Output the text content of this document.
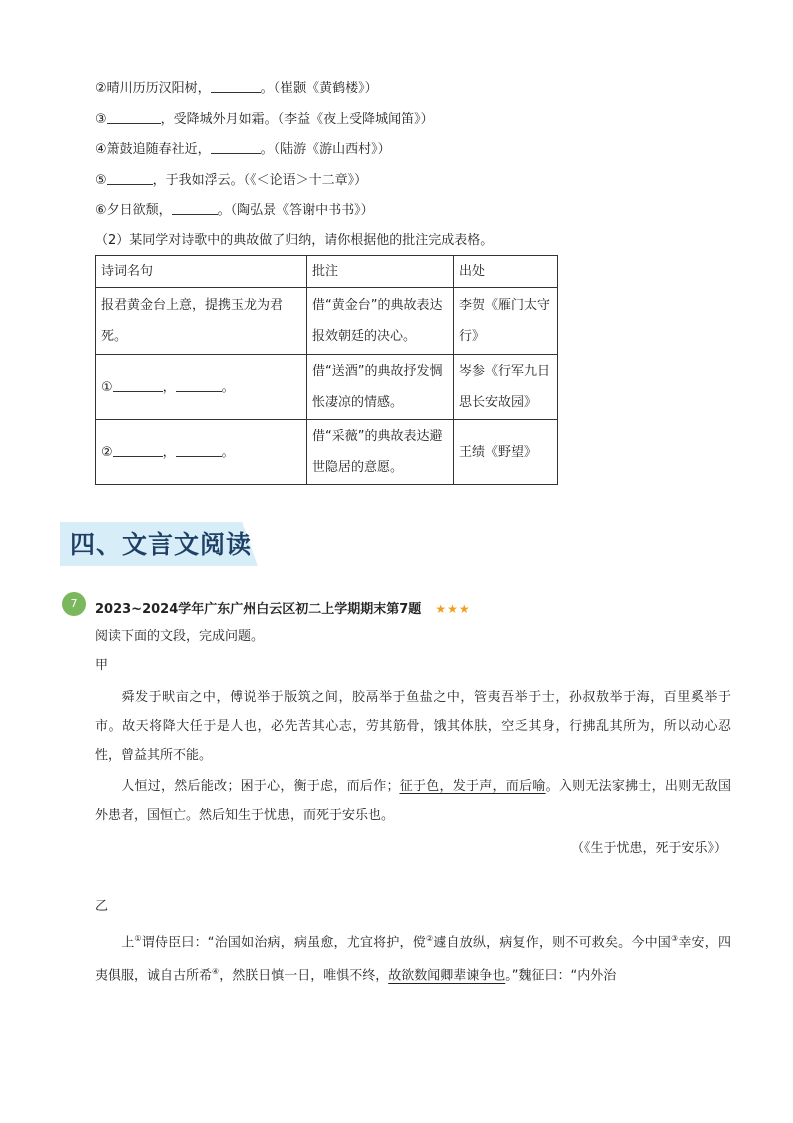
②晴川历历汉阳树，	。（崔颢《黄鹤楼》）
③	，受降城外月如霜。（李益《夜上受降城闻笛》）
④箫鼓追随春社近，	。（陆游《游山西村》）
⑤	，于我如浮云。（《＜论语＞十二章》）
⑥夕日欲颓，	。（陶弘景《答谢中书书》）
（2）某同学对诗歌中的典故做了归纳，请你根据他的批注完成表格。
诗词名句	批注	出处
报君黄金台上意，提携玉龙为君死。	借“黄金台”的典故表达报效朝廷的决心。	李贺《雁门太守行》
① ， 。	借“送酒”的典故抒发惆怅凄凉的情感。	岑参《行军九日思长安故园》
② ， 。	借“采薇”的典故表达避世隐居的意愿。	王绩《野望》
四、文言文阅读
7	2023~2024学年广东广州白云区初二上学期期末第7题 ★★★
阅读下面的文段，完成问题。
甲
舜发于畎亩之中，傅说举于版筑之间，胶鬲举于鱼盐之中，管夷吾举于士，孙叔敖举于海，百里奚举于市。故天将降大任于是人也，必先苦其心志，劳其筋骨，饿其体肤，空乏其身，行拂乱其所为，所以动心忍性，曾益其所不能。
人恒过，然后能改；困于心，衡于虑，而后作；征于色，发于声，而后喻。入则无法家拂士，出则无敌国外患者，国恒亡。然后知生于忧患，而死于安乐也。
（《生于忧患，死于安乐》）
乙
上①谓侍臣曰：“治国如治病，病虽愈，尤宜将护，傥②遽自放纵，病复作，则不可救矣。今中国③幸安，四夷俱服，诚自古所希④，然朕日慎一日，唯惧不终，故欲数闻卿辈谏争也。”魏征曰：“内外治
